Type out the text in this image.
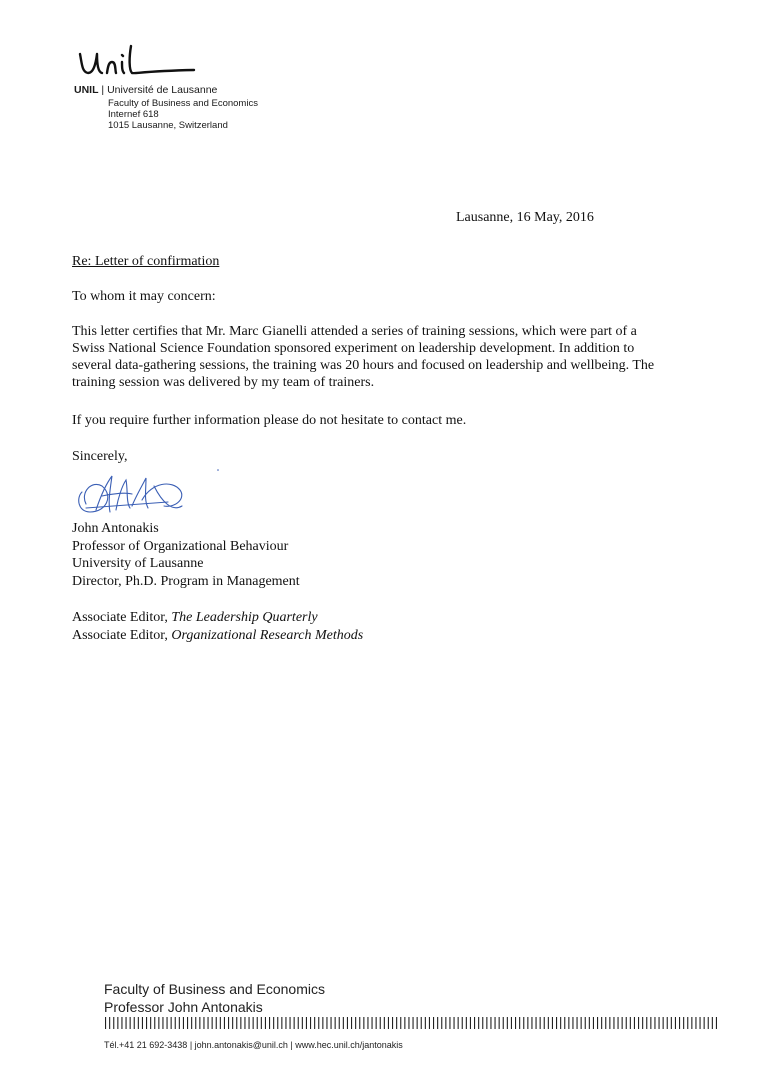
UNIL | Université de Lausanne
Faculty of Business and Economics
Internef 618
1015 Lausanne, Switzerland
Lausanne, 16 May, 2016
Re: Letter of confirmation
To whom it may concern:
This letter certifies that Mr. Marc Gianelli attended a series of training sessions, which were part of a
Swiss National Science Foundation sponsored experiment on leadership development. In addition to
several data-gathering sessions, the training was 20 hours and focused on leadership and wellbeing. The
training session was delivered by my team of trainers.
If you require further information please do not hesitate to contact me.
Sincerely,
John Antonakis
Professor of Organizational Behaviour
University of Lausanne
Director, Ph.D. Program in Management
Associate Editor, The Leadership Quarterly
Associate Editor, Organizational Research Methods
Faculty of Business and Economics
Professor John Antonakis
Tél.+41 21 692-3438 | john.antonakis@unil.ch | www.hec.unil.ch/jantonakis
